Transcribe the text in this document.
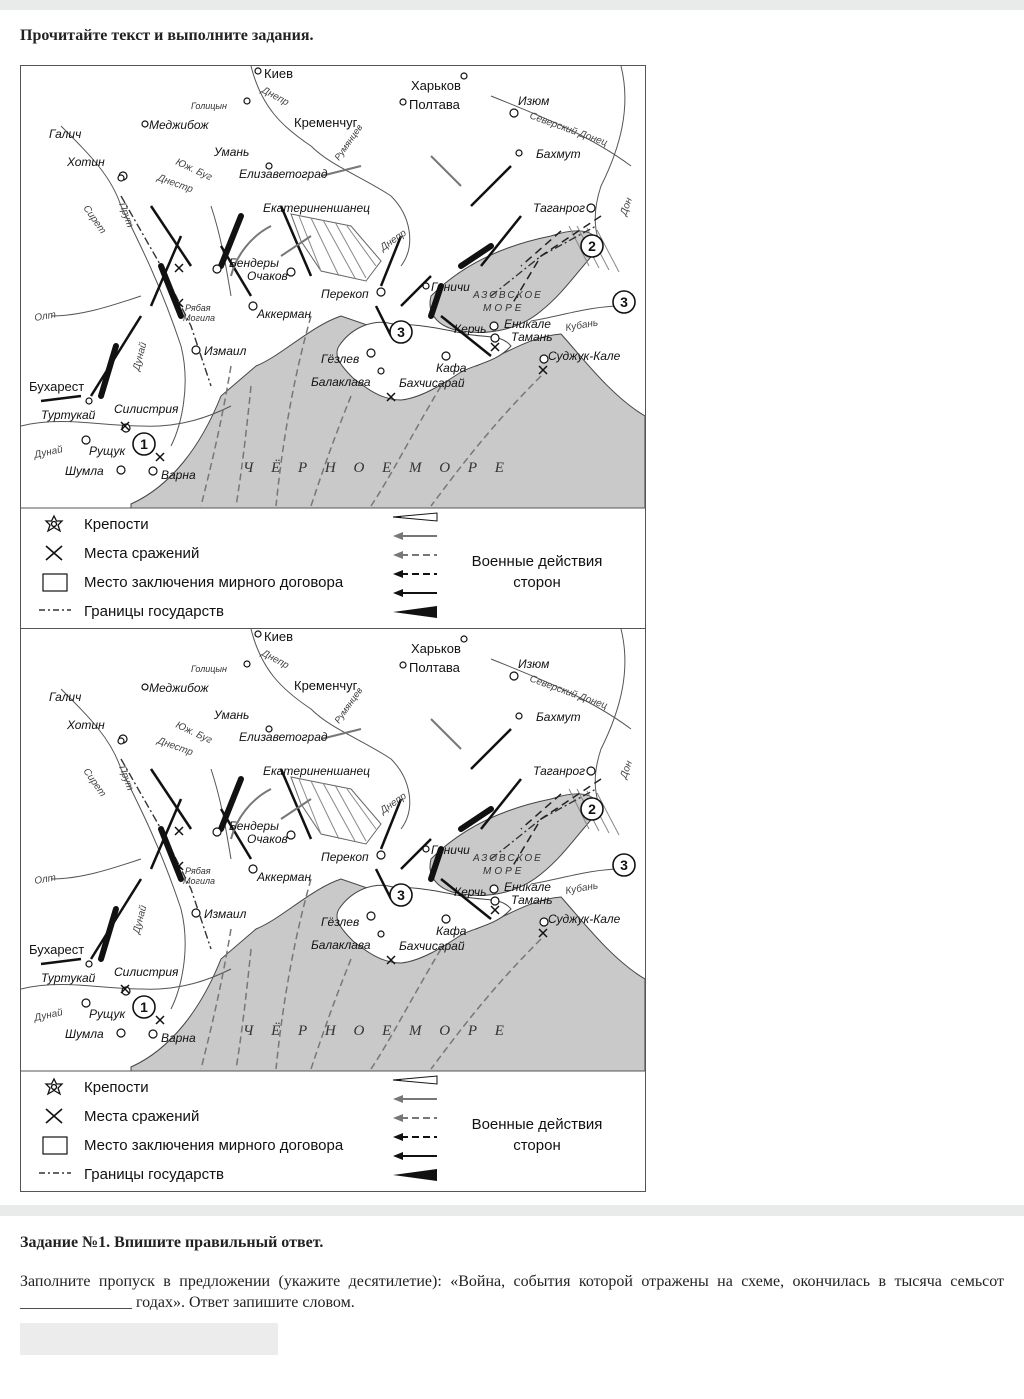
Прочитайте текст и выполните задания.
1
2
3
3
Киев
Харьков
Полтава
Кременчуг
Бухарест
Изюм
Бахмут
Галич
Меджибож
Хотин
Умань
Елизаветоград
Екатериненшанец	Таганрог
Бендеры
Очаков
Аккерман
Перекоп	Геничи
Керчь Еникале
Тамань
Измаил
Гёзлев
Кафа
Балаклава Бахчисарай
Суджук-Кале
Туртукай Силистрия
Рущук
Шумла	Варна
Голицын
Румянцев
Рябая
Могила
Днепр
Днепр
Юж. Буг
Днестр
Прут
Сирет
Олт
Дунай
Дунай
Дон
Северский Донец
Кубань
Ч Ё Р Н О Е М О Р Е
АЗОВСКОЕ
МОРЕ
Крепости
Места сражений
Место заключения мирного договора
Границы государств
Военные действия
сторон
1
2
3
3
Киев
Харьков
Полтава
Кременчуг
Бухарест
Изюм
Бахмут
Галич
Меджибож
Хотин
Умань
Елизаветоград
Екатериненшанец	Таганрог
Бендеры
Очаков
Аккерман
Перекоп	Геничи
Керчь Еникале
Тамань
Измаил
Гёзлев
Кафа
Балаклава Бахчисарай
Суджук-Кале
Туртукай Силистрия
Рущук
Шумла	Варна
Голицын
Румянцев
Рябая
Могила
Днепр
Днепр
Юж. Буг
Днестр
Прут
Сирет
Олт
Дунай
Дунай
Дон
Северский Донец
Кубань
Ч Ё Р Н О Е М О Р Е
АЗОВСКОЕ
МОРЕ
Крепости
Места сражений
Место заключения мирного договора
Границы государств
Военные действия
сторон
Задание №1. Впишите правильный ответ.
Заполните пропуск в предложении (укажите десятилетие): «Война, события которой отражены на схеме, окончилась в тысяча семьсот ______________ годах». Ответ запишите словом.
